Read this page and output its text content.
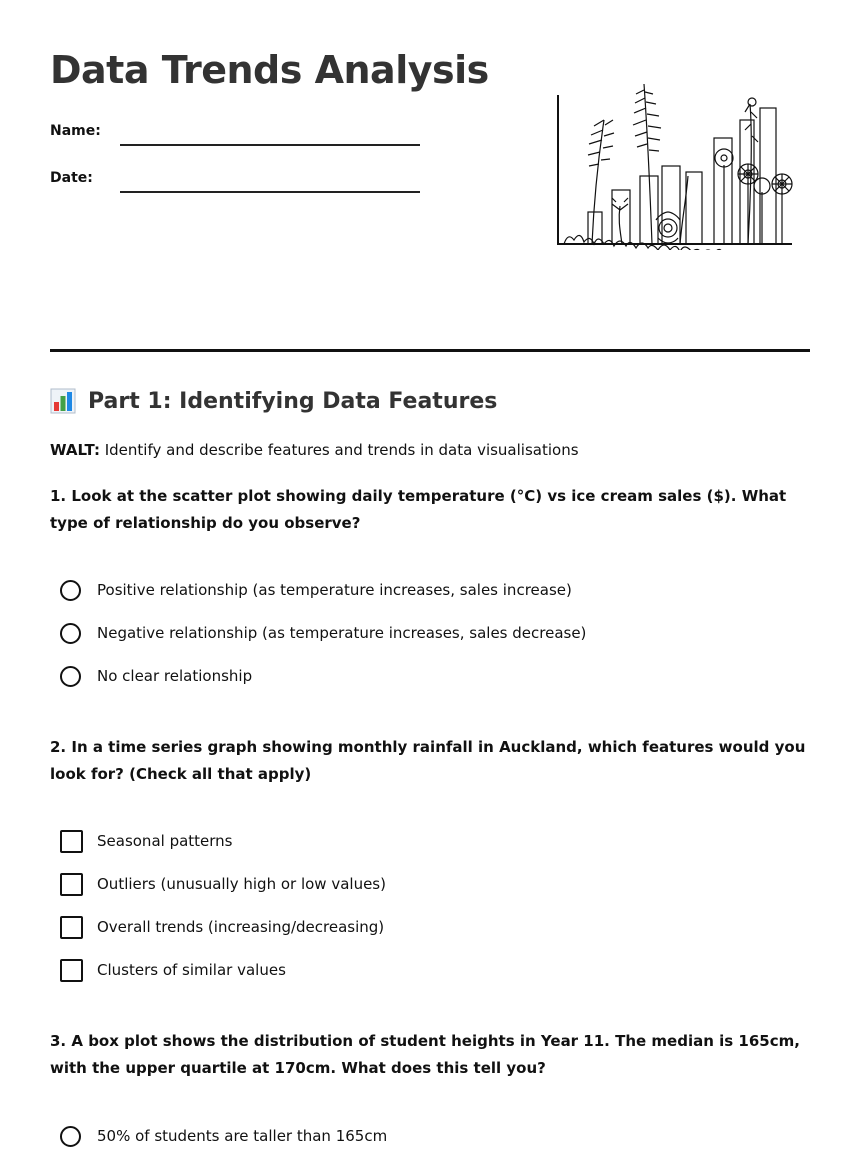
Data Trends Analysis
Name:
Date:
Part 1: Identifying Data Features
WALT: Identify and describe features and trends in data visualisations
1. Look at the scatter plot showing daily temperature (°C) vs ice cream sales ($). What type of relationship do you observe?
Positive relationship (as temperature increases, sales increase)
Negative relationship (as temperature increases, sales decrease)
No clear relationship
2. In a time series graph showing monthly rainfall in Auckland, which features would you look for? (Check all that apply)
Seasonal patterns
Outliers (unusually high or low values)
Overall trends (increasing/decreasing)
Clusters of similar values
3. A box plot shows the distribution of student heights in Year 11. The median is 165cm, with the upper quartile at 170cm. What does this tell you?
50% of students are taller than 165cm
